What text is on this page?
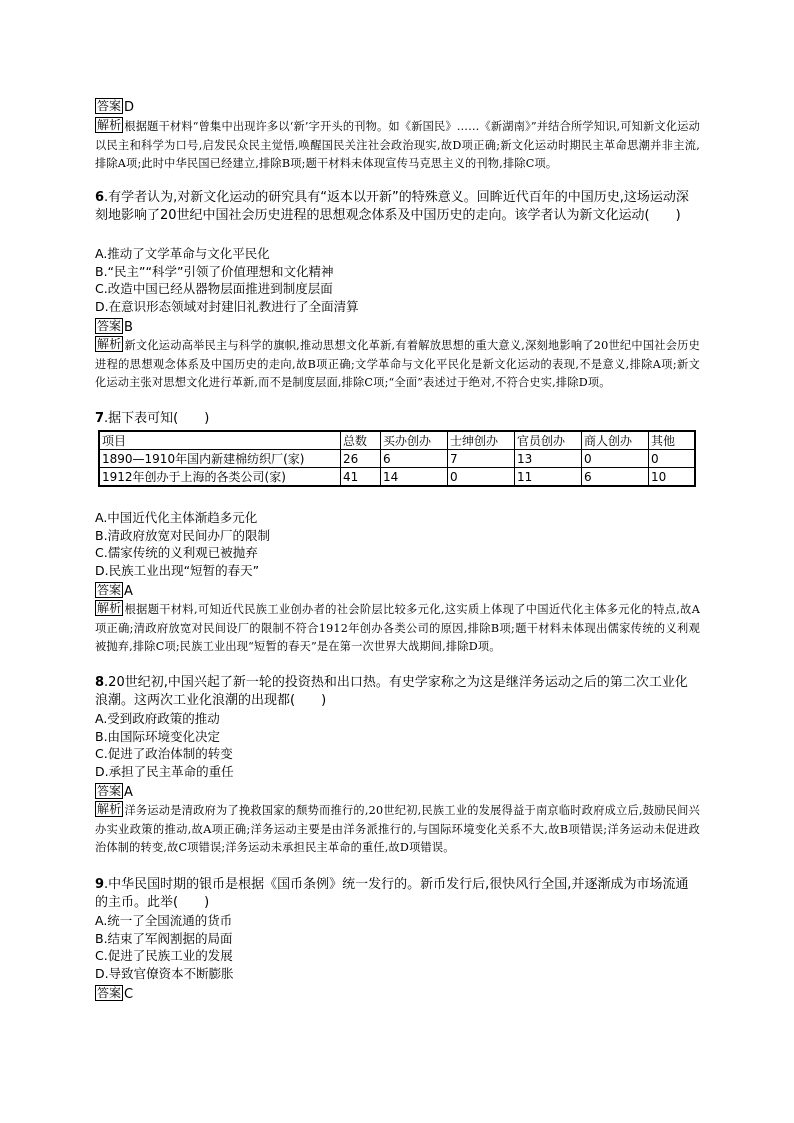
答案 D
解析 根据题干材料“曾集中出现许多以‘新’字开头的刊物。如《新国民》……《新湖南》”并结合所学知识,可知新文化运动以民主和科学为口号,启发民众民主觉悟,唤醒国民关注社会政治现实,故D项正确;新文化运动时期民主革命思潮并非主流,排除A项;此时中华民国已经建立,排除B项;题干材料未体现宣传马克思主义的刊物,排除C项。
6.有学者认为,对新文化运动的研究具有“返本以开新”的特殊意义。回眸近代百年的中国历史,这场运动深刻地影响了20世纪中国社会历史进程的思想观念体系及中国历史的走向。该学者认为新文化运动(　　)
A.推动了文学革命与文化平民化
B.“民主”“科学”引领了价值理想和文化精神
C.改造中国已经从器物层面推进到制度层面
D.在意识形态领域对封建旧礼教进行了全面清算
答案 B
解析 新文化运动高举民主与科学的旗帜,推动思想文化革新,有着解放思想的重大意义,深刻地影响了20世纪中国社会历史进程的思想观念体系及中国历史的走向,故B项正确;文学革命与文化平民化是新文化运动的表现,不是意义,排除A项;新文化运动主张对思想文化进行革新,而不是制度层面,排除C项;“全面”表述过于绝对,不符合史实,排除D项。
7.据下表可知(　　)
项目	总数	买办创办	士绅创办	官员创办	商人创办	其他
1890—1910年国内新建棉纺织厂(家)	26	6	7	13	0	0
1912年创办于上海的各类公司(家)	41	14	0	11	6	10
A.中国近代化主体渐趋多元化
B.清政府放宽对民间办厂的限制
C.儒家传统的义利观已被抛弃
D.民族工业出现“短暂的春天”
答案 A
解析 根据题干材料,可知近代民族工业创办者的社会阶层比较多元化,这实质上体现了中国近代化主体多元化的特点,故A项正确;清政府放宽对民间设厂的限制不符合1912年创办各类公司的原因,排除B项;题干材料未体现出儒家传统的义利观被抛弃,排除C项;民族工业出现“短暂的春天”是在第一次世界大战期间,排除D项。
8.20世纪初,中国兴起了新一轮的投资热和出口热。有史学家称之为这是继洋务运动之后的第二次工业化浪潮。这两次工业化浪潮的出现都(　　)
A.受到政府政策的推动
B.由国际环境变化决定
C.促进了政治体制的转变
D.承担了民主革命的重任
答案 A
解析 洋务运动是清政府为了挽救国家的颓势而推行的,20世纪初,民族工业的发展得益于南京临时政府成立后,鼓励民间兴办实业政策的推动,故A项正确;洋务运动主要是由洋务派推行的,与国际环境变化关系不大,故B项错误;洋务运动未促进政治体制的转变,故C项错误;洋务运动未承担民主革命的重任,故D项错误。
9.中华民国时期的银币是根据《国币条例》统一发行的。新币发行后,很快风行全国,并逐渐成为市场流通的主币。此举(　　)
A.统一了全国流通的货币
B.结束了军阀割据的局面
C.促进了民族工业的发展
D.导致官僚资本不断膨胀
答案 C
